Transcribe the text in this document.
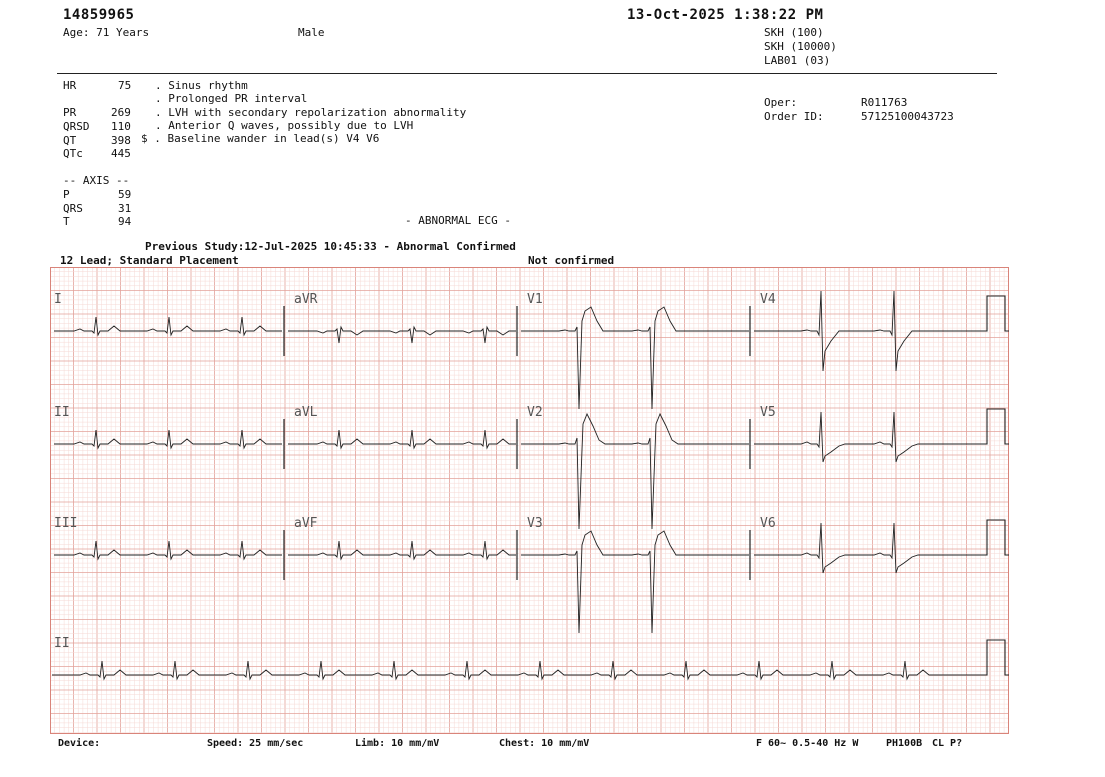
14859965
Age: 71 Years	Male
13-Oct-2025 1:38:22 PM
SKH (100)
SKH (10000)
LAB01 (03)
HR	75
PR	269
QRSD 110
QT	398
QTc	445
-- AXIS --
P	59
QRS	31
T	94
. Sinus rhythm
. Prolonged PR interval
. LVH with secondary repolarization abnormality
. Anterior Q waves, possibly due to LVH
$ . Baseline wander in lead(s) V4 V6
- ABNORMAL ECG -
Oper:	R011763
Order ID:	57125100043723
Previous Study:12-Jul-2025 10:45:33 - Abnormal Confirmed
12 Lead; Standard Placement	Not confirmed
I	aVR	V1	V4
II	aVL	V2	V5
III	aVF	V3	V6
II
Device:	Speed: 25 mm/sec	Limb: 10 mm/mV	Chest: 10 mm/mV	F 60~ 0.5-40 Hz W	PH100B CL P?
